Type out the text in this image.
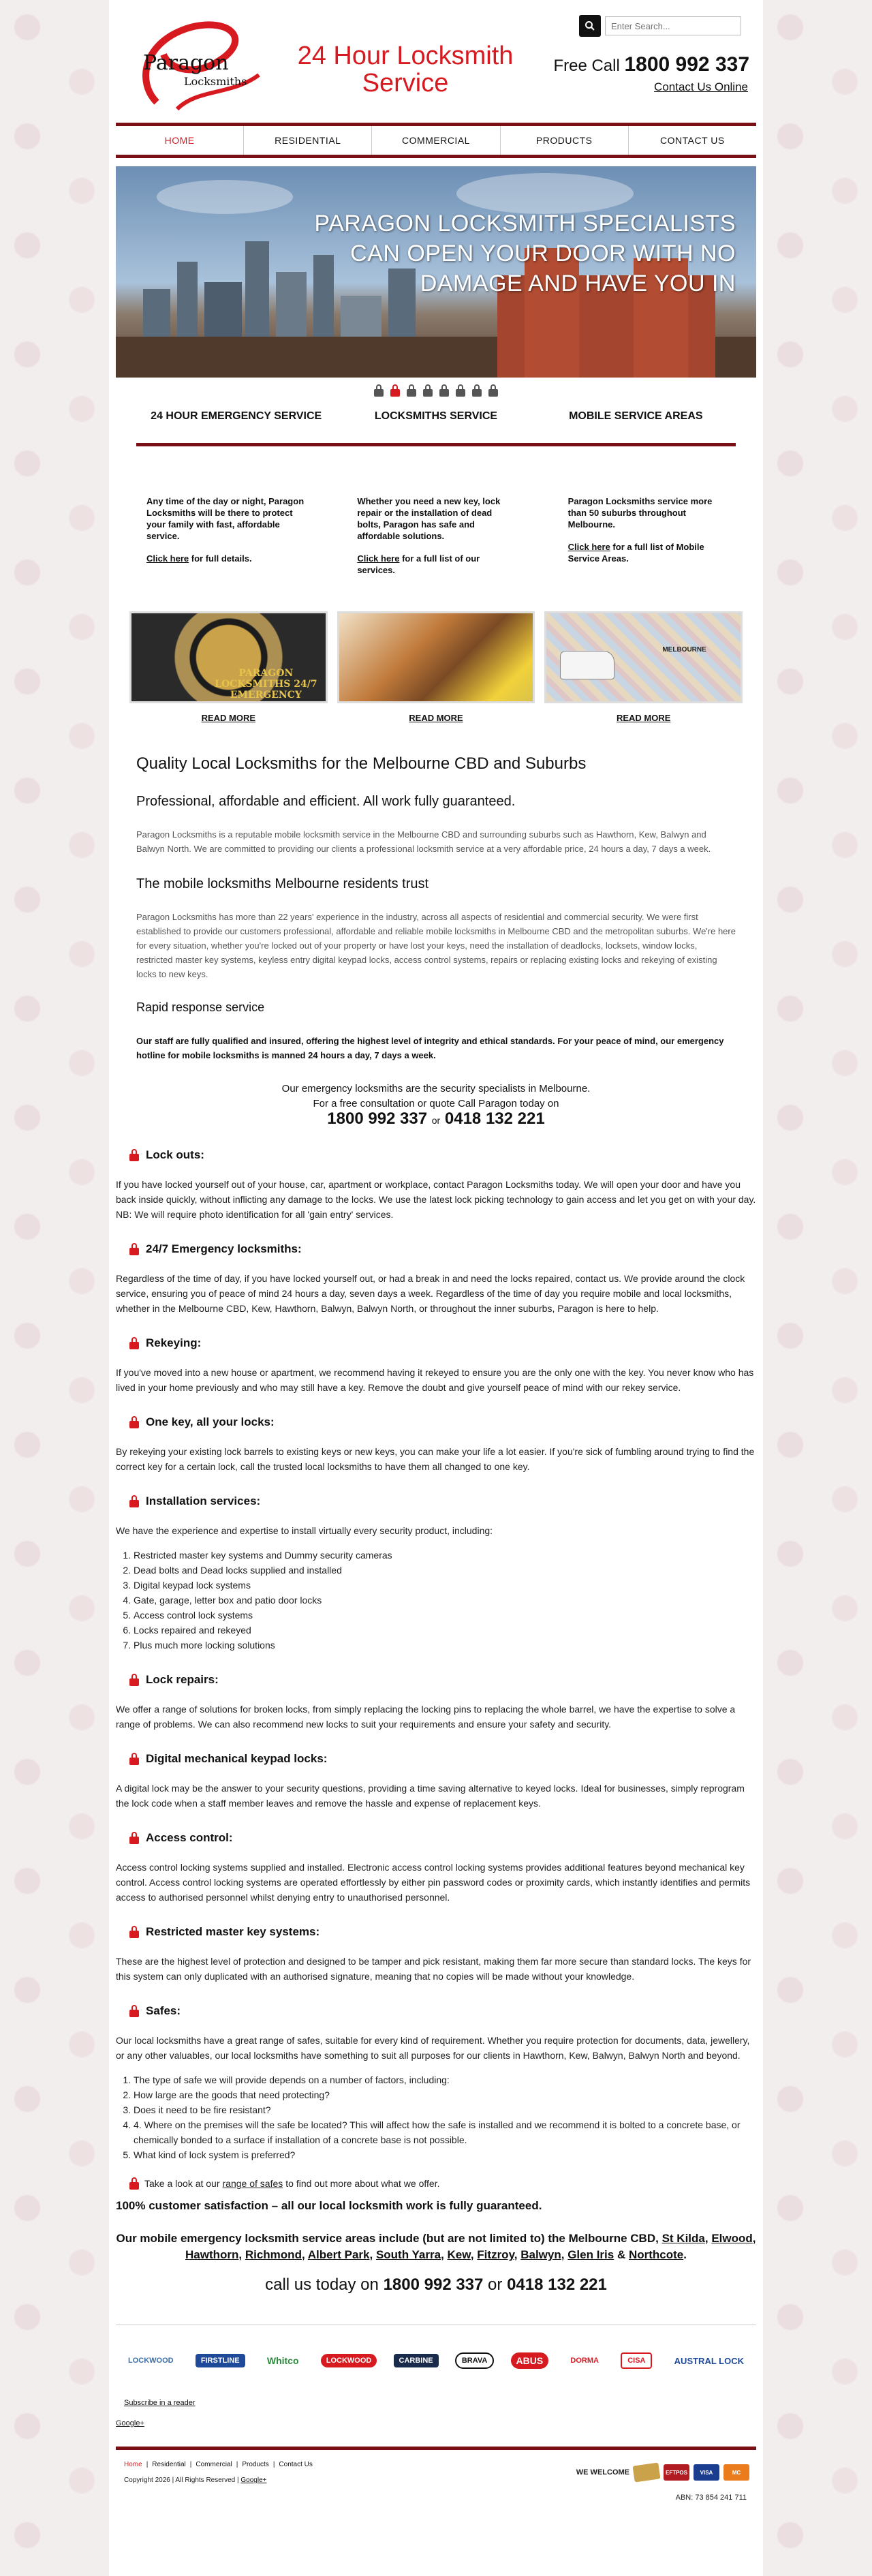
Paragon
Locksmiths
24 Hour Locksmith Service
Enter Search...
Free Call 1800 992 337
Contact Us Online
HOME	RESIDENTIAL	COMMERCIAL	PRODUCTS	CONTACT US
PARAGON LOCKSMITH SPECIALISTS CAN OPEN YOUR DOOR WITH NO DAMAGE AND HAVE YOU IN
24 HOUR EMERGENCY SERVICE	LOCKSMITHS SERVICE	MOBILE SERVICE AREAS
Any time of the day or night, Paragon Locksmiths will be there to protect your family with fast, affordable service.
Click here for full details.
Whether you need a new key, lock repair or the installation of dead bolts, Paragon has safe and affordable solutions.
Click here for a full list of our services.
Paragon Locksmiths service more than 50 suburbs throughout Melbourne.
Click here for a full list of Mobile Service Areas.
PARAGON LOCKSMITHS 24/7 EMERGENCY
MELBOURNE
READ MORE	READ MORE	READ MORE
Quality Local Locksmiths for the Melbourne CBD and Suburbs
Professional, affordable and efficient. All work fully guaranteed.
Paragon Locksmiths is a reputable mobile locksmith service in the Melbourne CBD and surrounding suburbs such as Hawthorn, Kew, Balwyn and Balwyn North. We are committed to providing our clients a professional locksmith service at a very affordable price, 24 hours a day, 7 days a week.
The mobile locksmiths Melbourne residents trust
Paragon Locksmiths has more than 22 years' experience in the industry, across all aspects of residential and commercial security. We were first established to provide our customers professional, affordable and reliable mobile locksmiths in Melbourne CBD and the metropolitan suburbs. We're here for every situation, whether you're locked out of your property or have lost your keys, need the installation of deadlocks, locksets, window locks, restricted master key systems, keyless entry digital keypad locks, access control systems, repairs or replacing existing locks and rekeying of existing locks to new keys.
Rapid response service
Our staff are fully qualified and insured, offering the highest level of integrity and ethical standards. For your peace of mind, our emergency hotline for mobile locksmiths is manned 24 hours a day, 7 days a week.
Our emergency locksmiths are the security specialists in Melbourne.
For a free consultation or quote Call Paragon today on
1800 992 337 or 0418 132 221
Lock outs:
If you have locked yourself out of your house, car, apartment or workplace, contact Paragon Locksmiths today. We will open your door and have you back inside quickly, without inflicting any damage to the locks. We use the latest lock picking technology to gain access and let you get on with your day. NB: We will require photo identification for all 'gain entry' services.
24/7 Emergency locksmiths:
Regardless of the time of day, if you have locked yourself out, or had a break in and need the locks repaired, contact us. We provide around the clock service, ensuring you of peace of mind 24 hours a day, seven days a week. Regardless of the time of day you require mobile and local locksmiths, whether in the Melbourne CBD, Kew, Hawthorn, Balwyn, Balwyn North, or throughout the inner suburbs, Paragon is here to help.
Rekeying:
If you've moved into a new house or apartment, we recommend having it rekeyed to ensure you are the only one with the key. You never know who has lived in your home previously and who may still have a key. Remove the doubt and give yourself peace of mind with our rekey service.
One key, all your locks:
By rekeying your existing lock barrels to existing keys or new keys, you can make your life a lot easier. If you're sick of fumbling around trying to find the correct key for a certain lock, call the trusted local locksmiths to have them all changed to one key.
Installation services:
We have the experience and expertise to install virtually every security product, including:
1. Restricted master key systems and Dummy security cameras
2. Dead bolts and Dead locks supplied and installed
3. Digital keypad lock systems
4. Gate, garage, letter box and patio door locks
5. Access control lock systems
6. Locks repaired and rekeyed
7. Plus much more locking solutions
Lock repairs:
We offer a range of solutions for broken locks, from simply replacing the locking pins to replacing the whole barrel, we have the expertise to solve a range of problems. We can also recommend new locks to suit your requirements and ensure your safety and security.
Digital mechanical keypad locks:
A digital lock may be the answer to your security questions, providing a time saving alternative to keyed locks. Ideal for businesses, simply reprogram the lock code when a staff member leaves and remove the hassle and expense of replacement keys.
Access control:
Access control locking systems supplied and installed. Electronic access control locking systems provides additional features beyond mechanical key control. Access control locking systems are operated effortlessly by either pin password codes or proximity cards, which instantly identifies and permits access to authorised personnel whilst denying entry to unauthorised personnel.
Restricted master key systems:
These are the highest level of protection and designed to be tamper and pick resistant, making them far more secure than standard locks. The keys for this system can only duplicated with an authorised signature, meaning that no copies will be made without your knowledge.
Safes:
Our local locksmiths have a great range of safes, suitable for every kind of requirement. Whether you require protection for documents, data, jewellery, or any other valuables, our local locksmiths have something to suit all purposes for our clients in Hawthorn, Kew, Balwyn, Balwyn North and beyond.
1. The type of safe we will provide depends on a number of factors, including:
2. How large are the goods that need protecting?
3. Does it need to be fire resistant?
4. 4. Where on the premises will the safe be located? This will affect how the safe is installed and we recommend it is bolted to a concrete base, or chemically bonded to a surface if installation of a concrete base is not possible.
5. What kind of lock system is preferred?
Take a look at our range of safes to find out more about what we offer.
100% customer satisfaction – all our local locksmith work is fully guaranteed.
Our mobile emergency locksmith service areas include (but are not limited to) the Melbourne CBD, St Kilda, Elwood, Hawthorn, Richmond, Albert Park, South Yarra, Kew, Fitzroy, Balwyn, Glen Iris & Northcote.
call us today on 1800 992 337 or 0418 132 221
LOCKWOOD	FIRSTLINE	Whitco	LOCKWOOD	CARBINE	BRAVA	ABUS	DORMA	CISA	AUSTRAL LOCK
Subscribe in a reader
Google+
Home | Residential | Commercial | Products | Contact Us
Copyright 2026 | All Rights Reserved | Google+
WE WELCOME	EFTPOS	VISA	MC
ABN: 73 854 241 711
